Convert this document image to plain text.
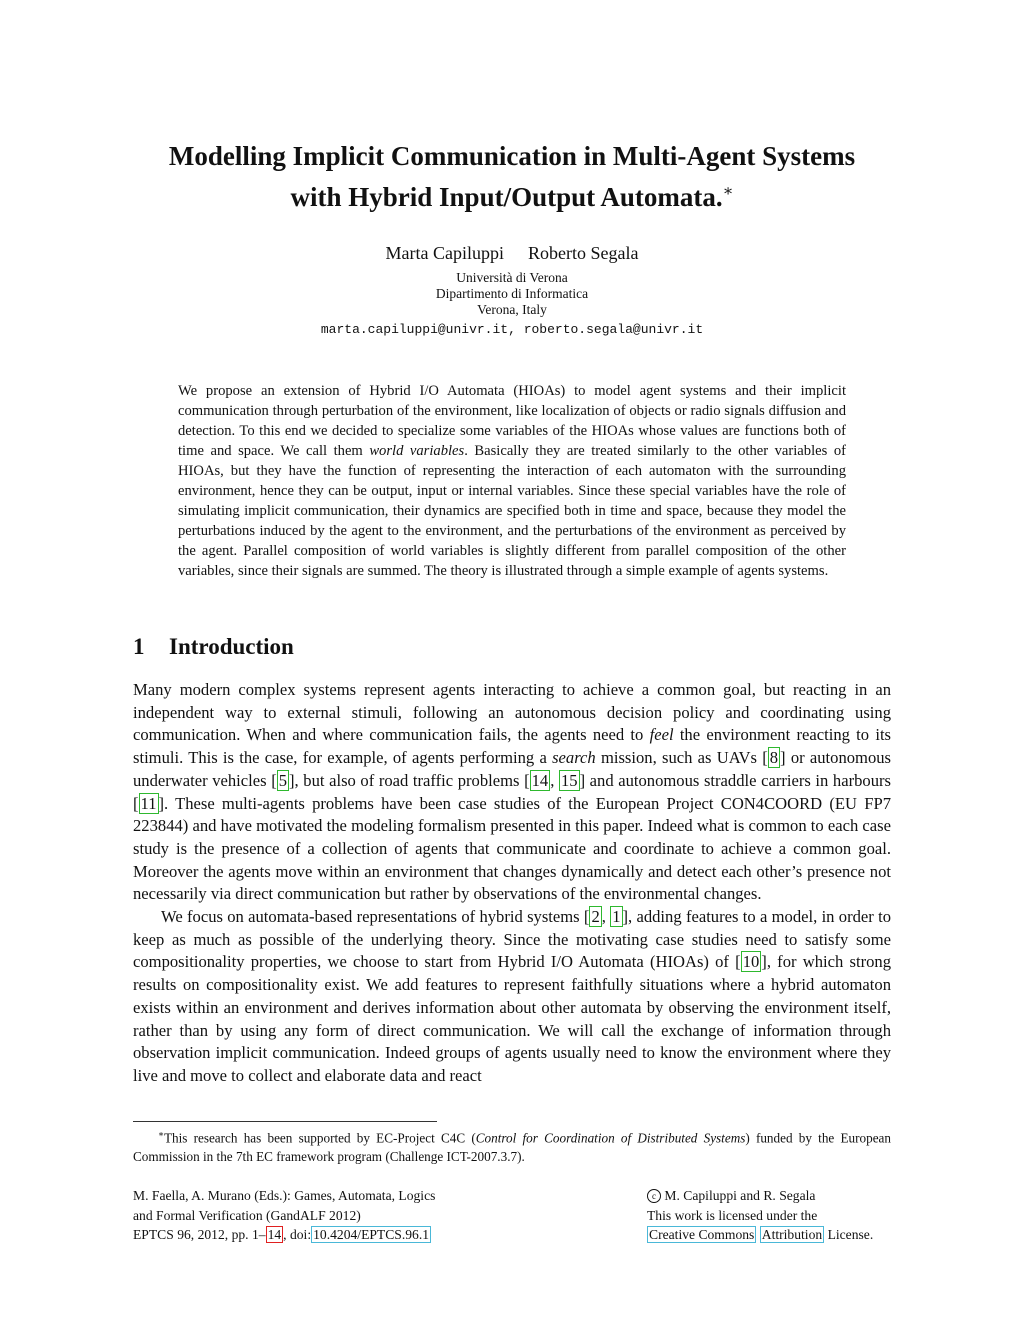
Modelling Implicit Communication in Multi-Agent Systems
with Hybrid Input/Output Automata.∗
Marta Capiluppi Roberto Segala
Università di Verona
Dipartimento di Informatica
Verona, Italy
marta.capiluppi@univr.it, roberto.segala@univr.it

We propose an extension of Hybrid I/O Automata (HIOAs) to model agent systems and their implicit communication through perturbation of the environment, like localization of objects or radio signals diffusion and detection. To this end we decided to specialize some variables of the HIOAs whose values are functions both of time and space. We call them world variables. Basically they are treated similarly to the other variables of HIOAs, but they have the function of representing the interaction of each automaton with the surrounding environment, hence they can be output, input or internal variables. Since these special variables have the role of simulating implicit communication, their dynamics are specified both in time and space, because they model the perturbations induced by the agent to the environment, and the perturbations of the environment as perceived by the agent. Parallel composition of world variables is slightly different from parallel composition of the other variables, since their signals are summed. The theory is illustrated through a simple example of agents systems.

1 Introduction

Many modern complex systems represent agents interacting to achieve a common goal, but reacting in an independent way to external stimuli, following an autonomous decision policy and coordinating using communication. When and where communication fails, the agents need to feel the environment reacting to its stimuli. This is the case, for example, of agents performing a search mission, such as UAVs [ 8 ] or autonomous underwater vehicles [ 5 ], but also of road traffic problems [ 14 , 15 ] and autonomous straddle carriers in harbours [ 11 ]. These multi-agents problems have been case studies of the European Project CON4COORD (EU FP7 223844) and have motivated the modeling formalism presented in this paper. Indeed what is common to each case study is the presence of a collection of agents that communicate and coordinate to achieve a common goal. Moreover the agents move within an environment that changes dynamically and detect each other’s presence not necessarily via direct communication but rather by observations of the environmental changes.

We focus on automata-based representations of hybrid systems [ 2 , 1 ], adding features to a model, in order to keep as much as possible of the underlying theory. Since the motivating case studies need to satisfy some compositionality properties, we choose to start from Hybrid I/O Automata (HIOAs) of [ 10 ], for which strong results on compositionality exist. We add features to represent faithfully situations where a hybrid automaton exists within an environment and derives information about other automata by observing the environment itself, rather than by using any form of direct communication. We will call the exchange of information through observation implicit communication. Indeed groups of agents usually need to know the environment where they live and move to collect and elaborate data and react

∗This research has been supported by EC-Project C4C (Control for Coordination of Distributed Systems) funded by the European Commission in the 7th EC framework program (Challenge ICT-2007.3.7).

M. Faella, A. Murano (Eds.): Games, Automata, Logics
and Formal Verification (GandALF 2012)
EPTCS 96, 2012, pp. 1– 14 , doi: 10.4204/EPTCS.96.1
c M. Capiluppi and R. Segala
This work is licensed under the
Creative Commons Attribution License.
